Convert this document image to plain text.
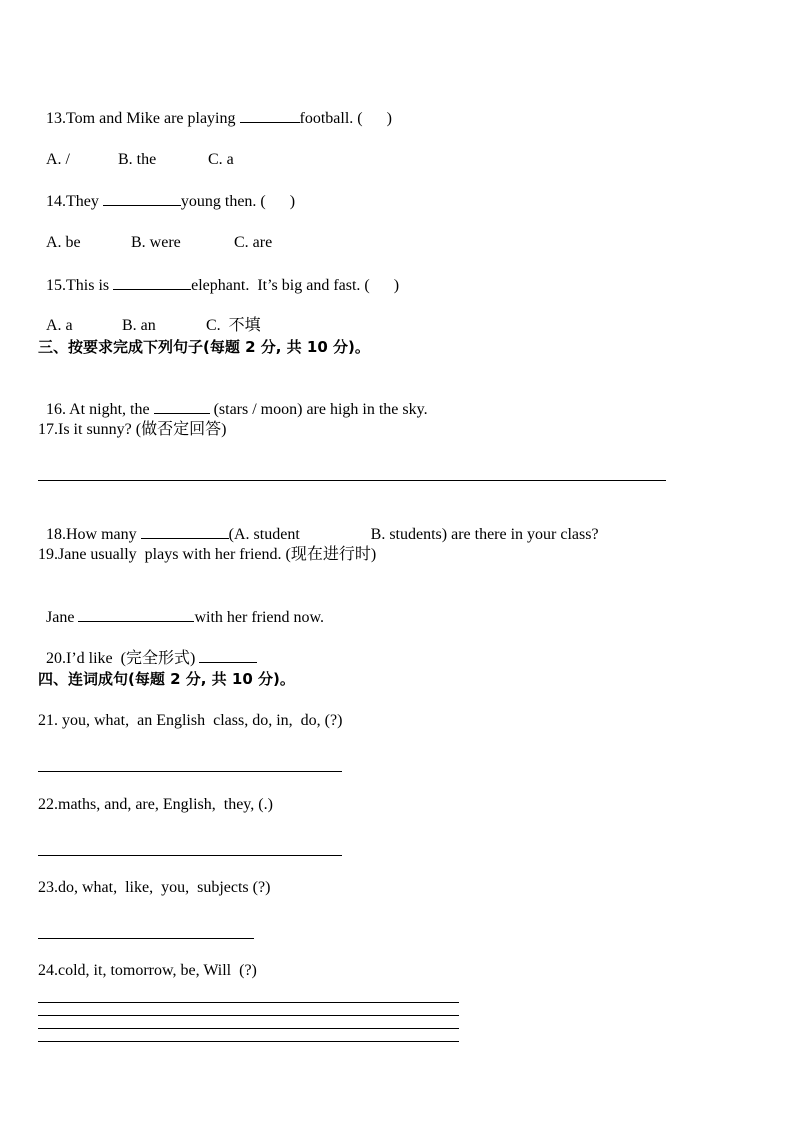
13.Tom and Mike are playing	football. (      )

A. /	B. the	C. a

14.They	young then. (      )

A. be	B. were	C. are

15.This is	elephant.  It’s big and fast. (      )

A. a	B. an	C.  不填

三、按要求完成下列句子(每题 2 分, 共 10 分)。

16. At night, the	(stars / moon) are high in the sky.

17.Is it sunny? (做否定回答)

18.How many	(A. student	B. students) are there in your class?

19.Jane usually  plays with her friend. (现在进行时)

Jane	with her friend now.

20.I’d like  (完全形式)

四、连词成句(每题 2 分, 共 10 分)。
21. you, what,  an English  class, do, in,  do, (?)
22.maths, and, are, English,  they, (.)
23.do, what,  like,  you,  subjects (?)
24.cold, it, tomorrow, be, Will  (?)
